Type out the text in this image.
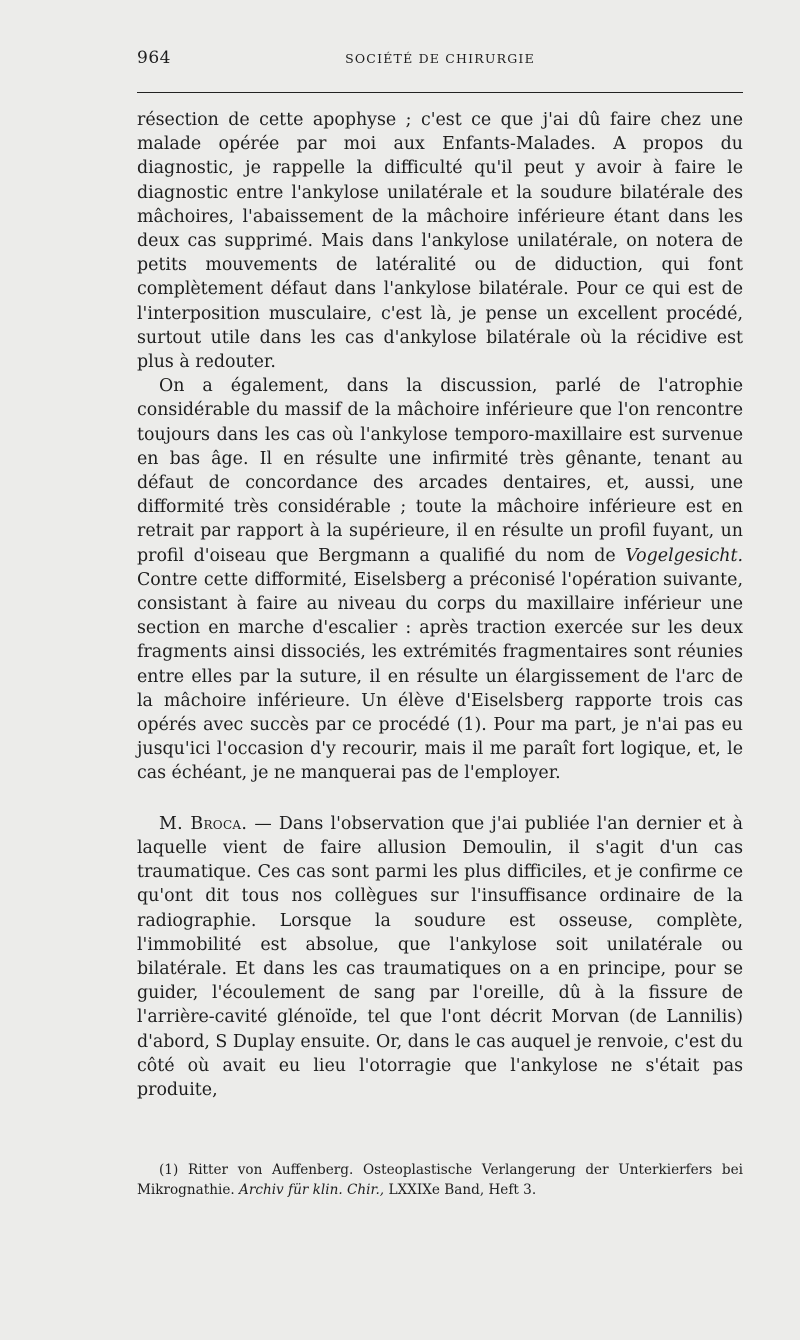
964	SOCIÉTÉ DE CHIRURGIE

résection de cette apophyse ; c'est ce que j'ai dû faire chez une malade opérée par moi aux Enfants-Malades. A propos du diagnostic, je rappelle la difficulté qu'il peut y avoir à faire le diagnostic entre l'ankylose unilatérale et la soudure bilatérale des mâchoires, l'abaissement de la mâchoire inférieure étant dans les deux cas supprimé. Mais dans l'ankylose unilatérale, on notera de petits mouvements de latéralité ou de diduction, qui font complètement défaut dans l'ankylose bilatérale. Pour ce qui est de l'interposition musculaire, c'est là, je pense un excellent procédé, surtout utile dans les cas d'ankylose bilatérale où la récidive est plus à redouter.

On a également, dans la discussion, parlé de l'atrophie considérable du massif de la mâchoire inférieure que l'on rencontre toujours dans les cas où l'ankylose temporo-maxillaire est survenue en bas âge. Il en résulte une infirmité très gênante, tenant au défaut de concordance des arcades dentaires, et, aussi, une difformité très considérable ; toute la mâchoire inférieure est en retrait par rapport à la supérieure, il en résulte un profil fuyant, un profil d'oiseau que Bergmann a qualifié du nom de Vogelgesicht. Contre cette difformité, Eiselsberg a préconisé l'opération suivante, consistant à faire au niveau du corps du maxillaire inférieur une section en marche d'escalier : après traction exercée sur les deux fragments ainsi dissociés, les extrémités fragmentaires sont réunies entre elles par la suture, il en résulte un élargissement de l'arc de la mâchoire inférieure. Un élève d'Eiselsberg rapporte trois cas opérés avec succès par ce procédé (1). Pour ma part, je n'ai pas eu jusqu'ici l'occasion d'y recourir, mais il me paraît fort logique, et, le cas échéant, je ne manquerai pas de l'employer.

M. Broca. — Dans l'observation que j'ai publiée l'an dernier et à laquelle vient de faire allusion Demoulin, il s'agit d'un cas traumatique. Ces cas sont parmi les plus difficiles, et je confirme ce qu'ont dit tous nos collègues sur l'insuffisance ordinaire de la radiographie. Lorsque la soudure est osseuse, complète, l'immobilité est absolue, que l'ankylose soit unilatérale ou bilatérale. Et dans les cas traumatiques on a en principe, pour se guider, l'écoulement de sang par l'oreille, dû à la fissure de l'arrière-cavité glénoïde, tel que l'ont décrit Morvan (de Lannilis) d'abord, S Duplay ensuite. Or, dans le cas auquel je renvoie, c'est du côté où avait eu lieu l'otorragie que l'ankylose ne s'était pas produite,

(1) Ritter von Auffenberg. Osteoplastische Verlangerung der Unterkierfers bei Mikrognathie. Archiv für klin. Chir., LXXIXe Band, Heft 3.
